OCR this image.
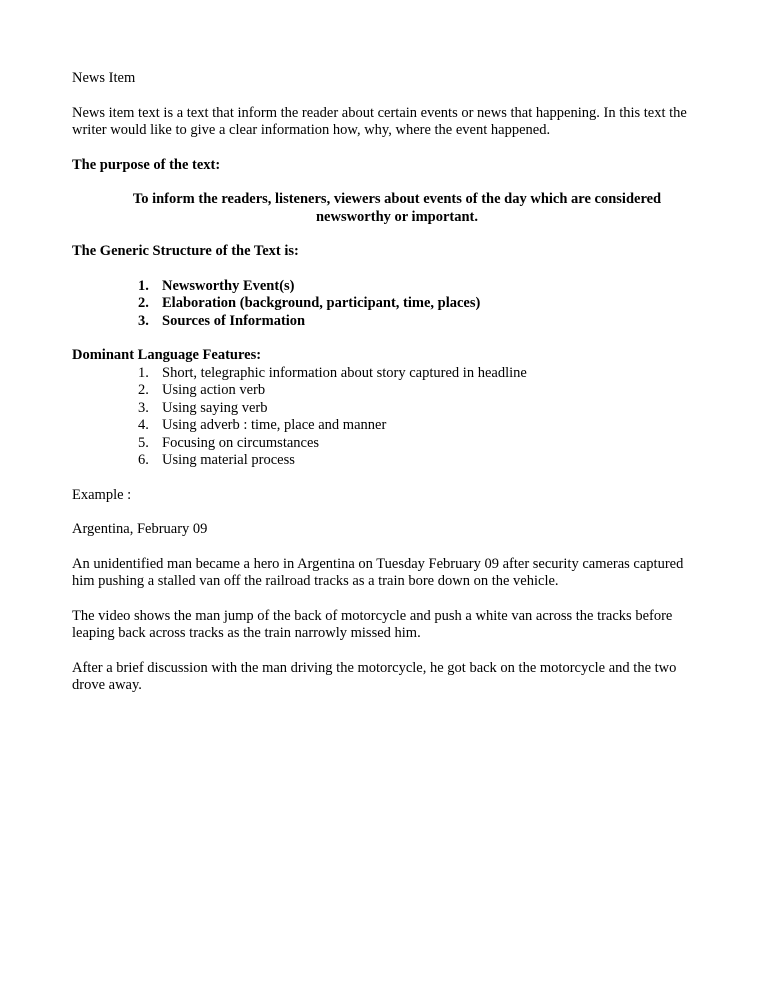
News Item

News item text is a text that inform the reader about certain events or news that happening. In this text the writer would like to give a clear information how, why, where the event happened.

The purpose of the text:

To inform the readers, listeners, viewers about events of the day which are considered newsworthy or important.

The Generic Structure of the Text is:

1. Newsworthy Event(s)
2. Elaboration (background, participant, time, places)
3. Sources of Information

Dominant Language Features:

1. Short, telegraphic information about story captured in headline
2. Using action verb
3. Using saying verb
4. Using adverb : time, place and manner
5. Focusing on circumstances
6. Using material process

Example :

Argentina, February 09

An unidentified man became a hero in Argentina on Tuesday February 09 after security cameras captured him pushing a stalled van off the railroad tracks as a train bore down on the vehicle.

The video shows the man jump of the back of motorcycle and push a white van across the tracks before leaping back across tracks as the train narrowly missed him.

After a brief discussion with the man driving the motorcycle, he got back on the motorcycle and the two drove away.
